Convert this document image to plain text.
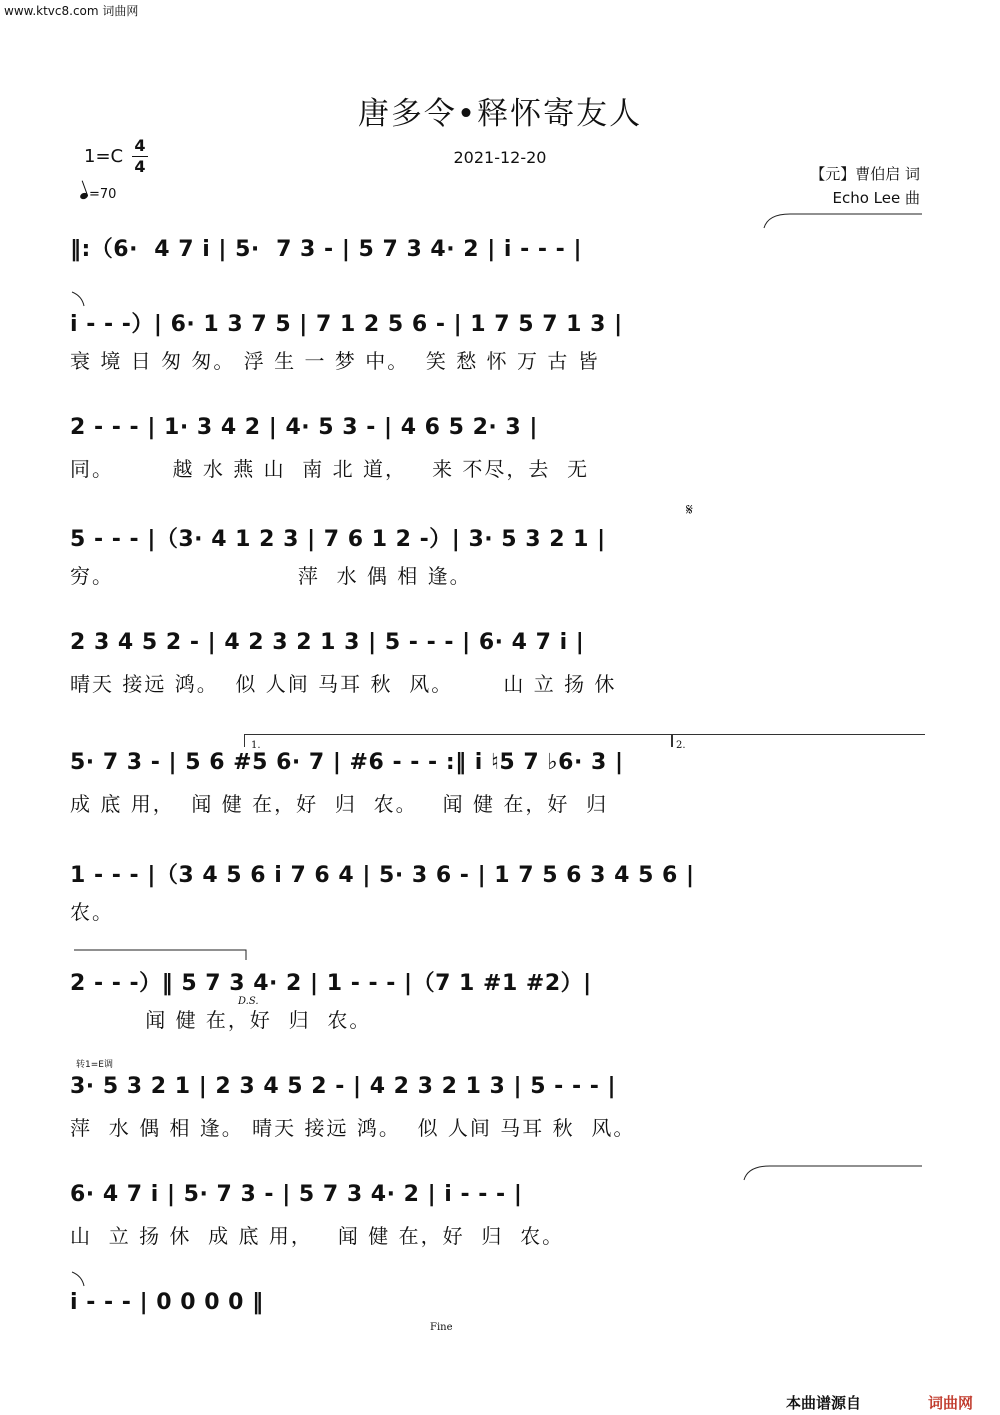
www.ktvc8.com 词曲网
唐多令•释怀寄友人
1=C
4
4	2021-12-20
【元】曹伯启 词
Echo Lee 曲
=70
‖:（6·  4 7 i | 5·  7 3 - | 5 7 3 4· 2 | i - - - |
i - - -）| 6· 1 3 7 5 | 7 1 2 5 6 - | 1 7 5 7 1 3 |
衰 境 日 匆 匆。 浮 生 一 梦 中。  笑 愁 怀 万 古 皆
2 - - - | 1· 3 4 2 | 4· 5 3 - | 4 6 5 2· 3 |
同。       越 水 燕 山  南 北 道，   来 不尽，去  无
5 - - - |（3· 4 1 2 3 | 7 6 1 2 -）| 3· 5 3 2 1 |
穷。                      萍  水 偶 相 逢。
2 3 4 5 2 - | 4 2 3 2 1 3 | 5 - - - | 6· 4 7 i |
晴天 接远 鸿。  似 人间 马耳 秋  风。      山 立 扬 休
5· 7 3 - | 5 6 #5 6· 7 | #6 - - - :‖ i ♮5 7 ♭6· 3 |
成 底 用，  闻 健 在，好  归  农。   闻 健 在，好  归
1 - - - |（3 4 5 6 i 7 6 4 | 5· 3 6 - | 1 7 5 6 3 4 5 6 |
农。
2 - - -）‖ 5 7 3 4· 2 | 1 - - - |（7 1 #1 #2）|
闻 健 在，好  归  农。
3· 5 3 2 1 | 2 3 4 5 2 - | 4 2 3 2 1 3 | 5 - - - |
萍  水 偶 相 逢。 晴天 接远 鸿。  似 人间 马耳 秋  风。
6· 4 7 i | 5· 7 3 - | 5 7 3 4· 2 | i - - - |
山  立 扬 休  成 底 用，   闻 健 在，好  归  农。
i - - - | 0 0 0 0 ‖
𝄋
D.S.
Fine
1.	2.
转1=E调
本曲谱源自	词曲网
